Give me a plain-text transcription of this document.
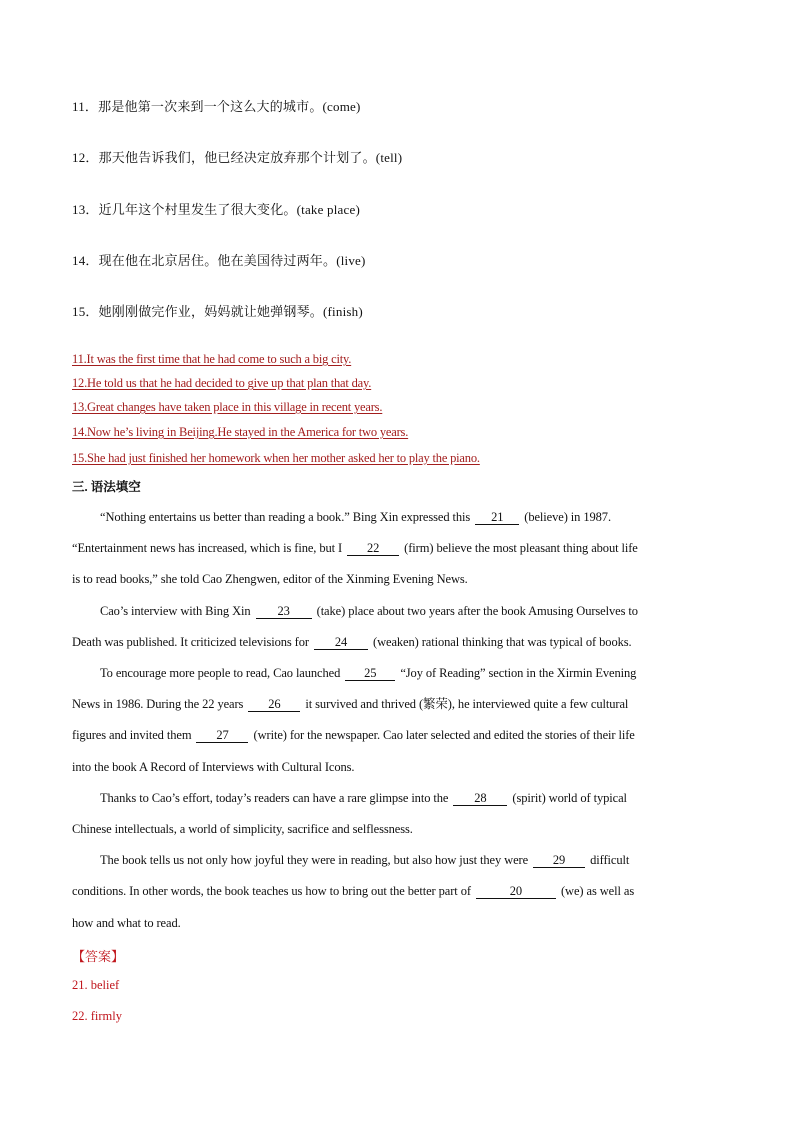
11．那是他第一次来到一个这么大的城市。(come)
12．那天他告诉我们，他已经决定放弃那个计划了。(tell)
13．近几年这个村里发生了很大变化。(take place)
14．现在他在北京居住。他在美国待过两年。(live)
15．她刚刚做完作业，妈妈就让她弹钢琴。(finish)
11.It was the first time that he had come to such a big city.
12.He told us that he had decided to give up that plan that day.
13.Great changes have taken place in this village in recent years.
14.Now he’s living in Beijing.He stayed in the America for two years.
15.She had just finished her homework when her mother asked her to play the piano.
三. 语法填空
“Nothing entertains us better than reading a book.” Bing Xin expressed this 21 (believe) in 1987.
“Entertainment news has increased, which is fine, but I 22 (firm) believe the most pleasant thing about life
is to read books,” she told Cao Zhengwen, editor of the Xinming Evening News.
Cao’s interview with Bing Xin 23 (take) place about two years after the book Amusing Ourselves to
Death was published. It criticized televisions for 24 (weaken) rational thinking that was typical of books.
To encourage more people to read, Cao launched 25 “Joy of Reading” section in the Xirmin Evening
News in 1986. During the 22 years 26 it survived and thrived (繁荣), he interviewed quite a few cultural
figures and invited them 27 (write) for the newspaper. Cao later selected and edited the stories of their life
into the book A Record of Interviews with Cultural Icons.
Thanks to Cao’s effort, today’s readers can have a rare glimpse into the 28 (spirit) world of typical
Chinese intellectuals, a world of simplicity, sacrifice and selflessness.
The book tells us not only how joyful they were in reading, but also how just they were 29 difficult
conditions. In other words, the book teaches us how to bring out the better part of	20	(we) as well as
how and what to read.
【答案】
21. belief
22. firmly
